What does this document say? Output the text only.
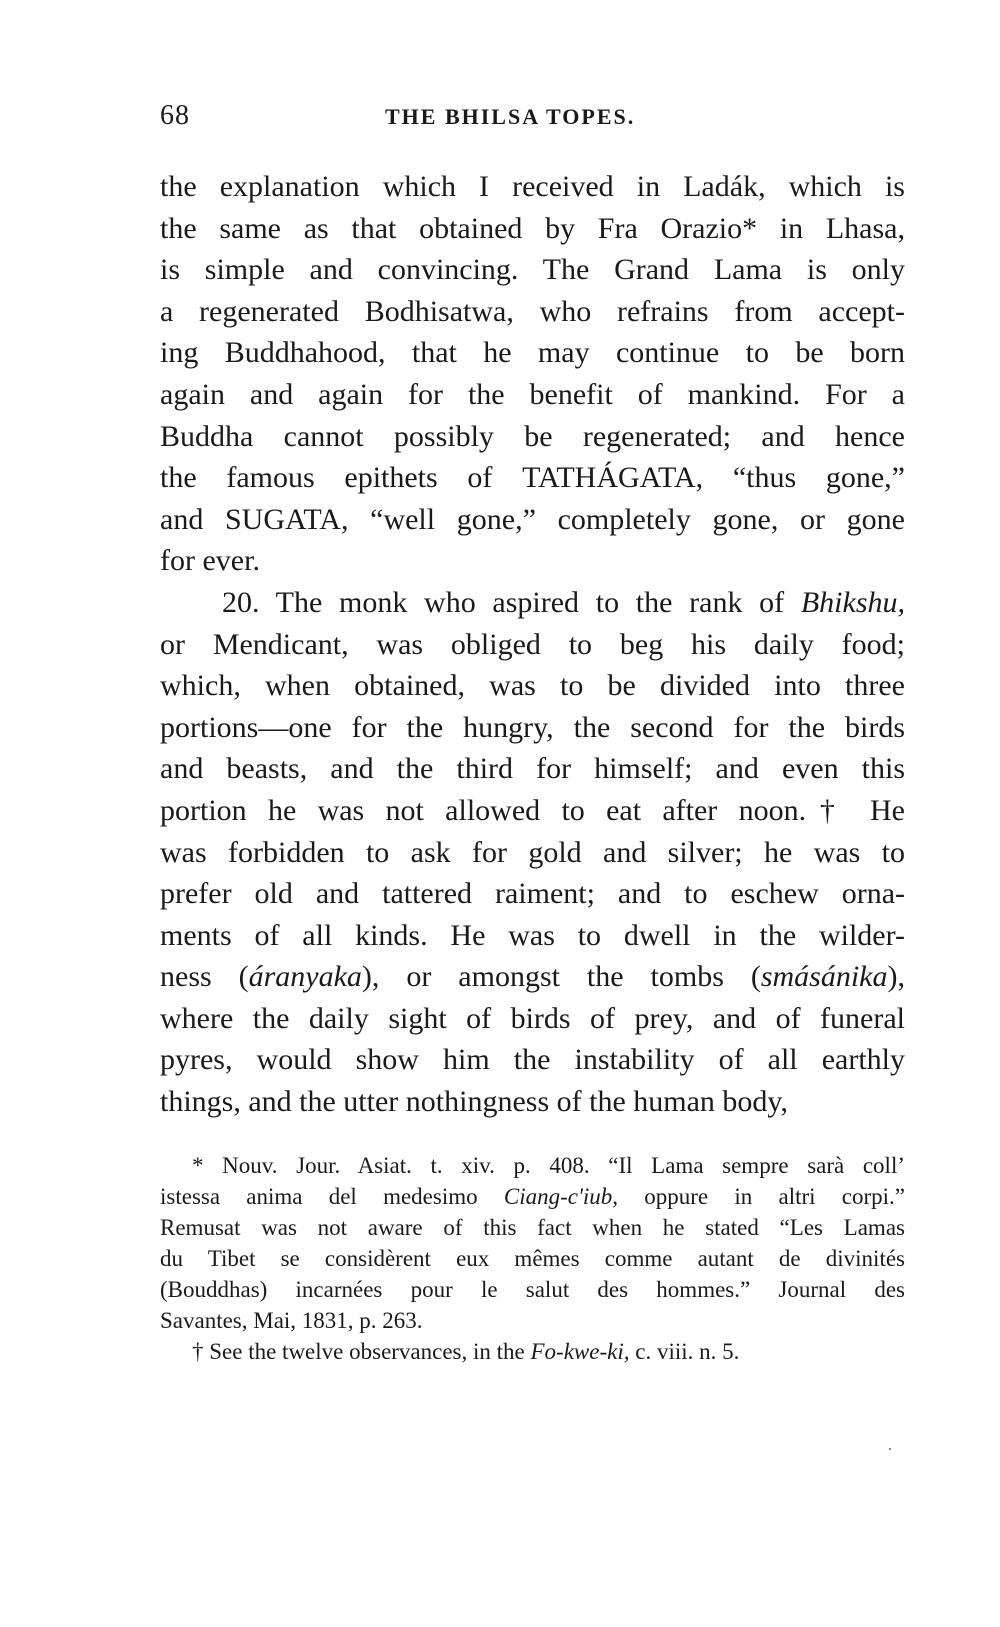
68	THE BHILSA TOPES.
the explanation which I received in Ladák, which is
the same as that obtained by Fra Orazio* in Lhasa,
is simple and convincing. The Grand Lama is only
a regenerated Bodhisatwa, who refrains from accept-
ing Buddhahood, that he may continue to be born
again and again for the benefit of mankind. For a
Buddha cannot possibly be regenerated; and hence
the famous epithets of TATHÁGATA, “thus gone,”
and SUGATA, “well gone,” completely gone, or gone
for ever.
20. The monk who aspired to the rank of Bhikshu,
or Mendicant, was obliged to beg his daily food;
which, when obtained, was to be divided into three
portions—one for the hungry, the second for the birds
and beasts, and the third for himself; and even this
portion he was not allowed to eat after noon.† He
was forbidden to ask for gold and silver; he was to
prefer old and tattered raiment; and to eschew orna-
ments of all kinds. He was to dwell in the wilder-
ness (áranyaka), or amongst the tombs (smásánika),
where the daily sight of birds of prey, and of funeral
pyres, would show him the instability of all earthly
things, and the utter nothingness of the human body,
* Nouv. Jour. Asiat. t. xiv. p. 408. “Il Lama sempre sarà coll’
istessa anima del medesimo Ciang-c'iub, oppure in altri corpi.”
Remusat was not aware of this fact when he stated “Les Lamas
du Tibet se considèrent eux mêmes comme autant de divinités
(Bouddhas) incarnées pour le salut des hommes.” Journal des
Savantes, Mai, 1831, p. 263.
† See the twelve observances, in the Fo-kwe-ki, c. viii. n. 5.
